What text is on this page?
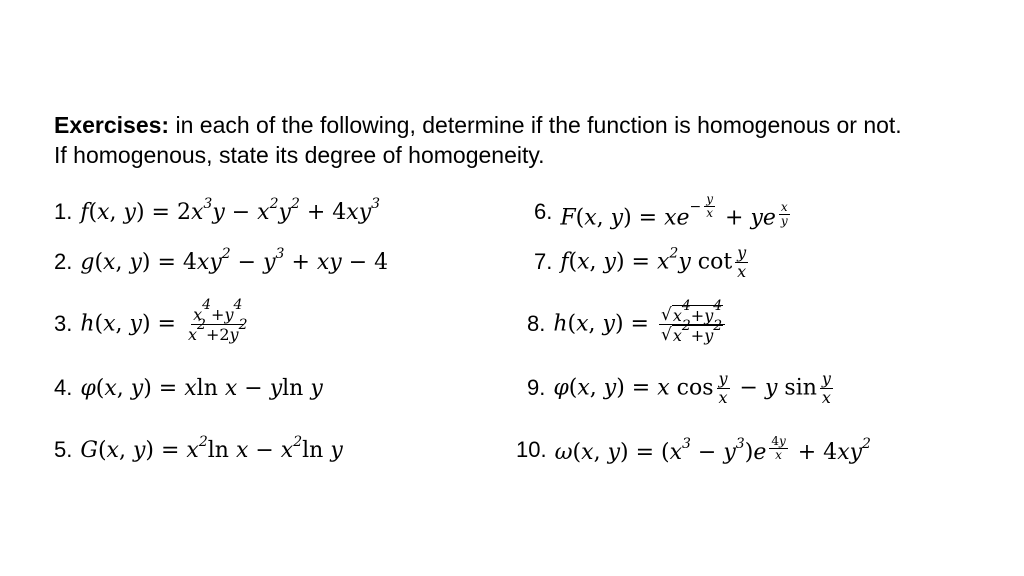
Exercises: in each of the following, determine if the function is homogenous or not.
If homogenous, state its degree of homogeneity.
1. f(x, $y) = 2x^3y - x^2y^2 + 4xy^3$
2. g(x, $y) = 4xy^2 - y^3$ + xy − 4
3. h(x, $y) = \frac{x^4+y^4}{x^2+2y^2}$
4. φ(x, y) = xln x − yln y
5. G(x, $y) = x^2\ln$ $x - x^2\ln$ y
6. F(x, y) = xe − $\frac{y}{x}$ + ye $\frac{x}{y}$
7. f(x, $y) = x^2y$ $\cot \frac{y}{x}$
8. h(x, $y) = \frac{√ x^4+y^4}{√ x^2+y^2}$
9. φ(x, y) = x $\cos \frac{y}{x} - y$ $\sin \frac{y}{x}$
10. ω(x, $y) = (x^3 - y^3)e \frac{4y}{x} + 4xy^2$
